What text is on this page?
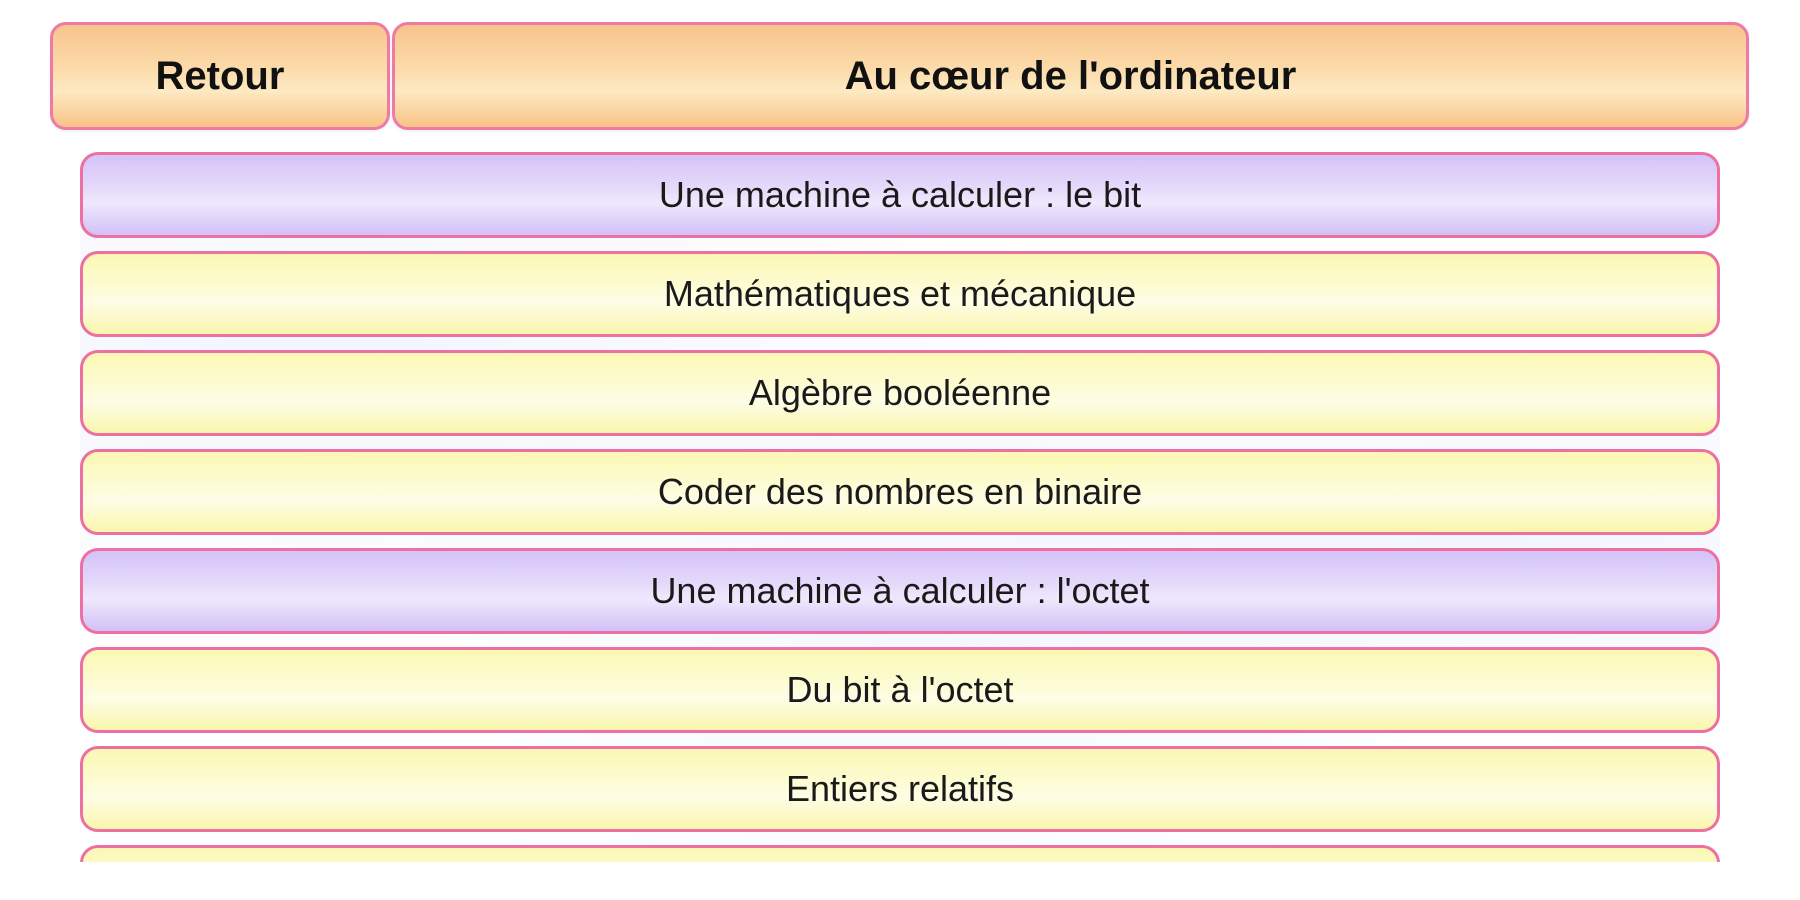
Retour	Au cœur de l'ordinateur
Une machine à calculer : le bit
Mathématiques et mécanique
Algèbre booléenne
Coder des nombres en binaire
Une machine à calculer : l'octet
Du bit à l'octet
Entiers relatifs
